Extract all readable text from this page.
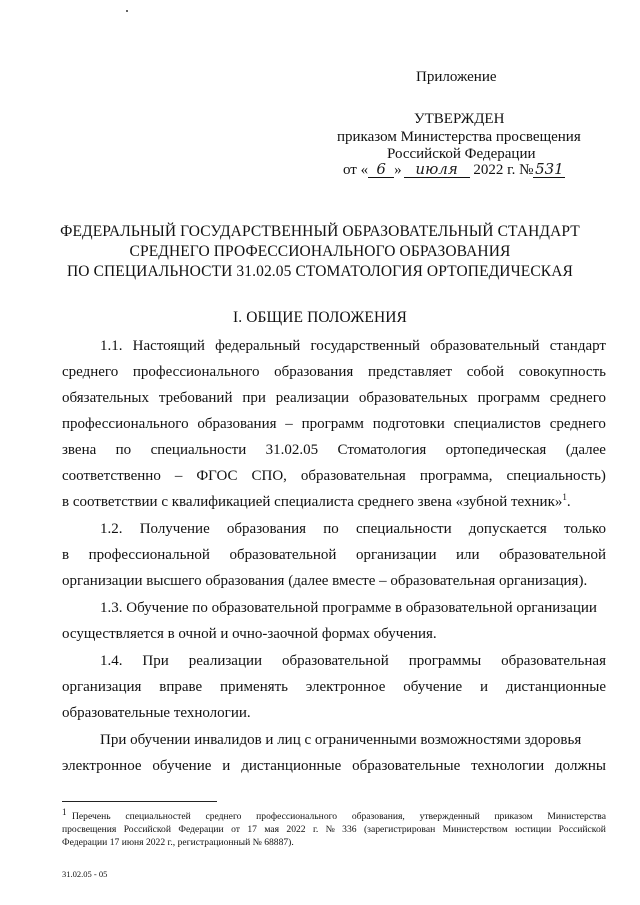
Приложение
УТВЕРЖДЕН
приказом Министерства просвещения
Российской Федерации
от « 6 » июля 2022 г. № 531
ФЕДЕРАЛЬНЫЙ ГОСУДАРСТВЕННЫЙ ОБРАЗОВАТЕЛЬНЫЙ СТАНДАРТ
СРЕДНЕГО ПРОФЕССИОНАЛЬНОГО ОБРАЗОВАНИЯ
ПО СПЕЦИАЛЬНОСТИ 31.02.05 СТОМАТОЛОГИЯ ОРТОПЕДИЧЕСКАЯ
I. ОБЩИЕ ПОЛОЖЕНИЯ
1.1. Настоящий федеральный государственный образовательный стандарт
среднего профессионального образования представляет собой совокупность
обязательных требований при реализации образовательных программ среднего
профессионального образования – программ подготовки специалистов среднего
звена по специальности 31.02.05 Стоматология ортопедическая (далее
соответственно – ФГОС СПО, образовательная программа, специальность)
в соответствии с квалификацией специалиста среднего звена «зубной техник»$^1$.
1.2. Получение образования по специальности допускается только
в профессиональной образовательной организации или образовательной
организации высшего образования (далее вместе – образовательная организация).
1.3. Обучение по образовательной программе в образовательной организации
осуществляется в очной и очно-заочной формах обучения.
1.4. При реализации образовательной программы образовательная
организация вправе применять электронное обучение и дистанционные
образовательные технологии.
При обучении инвалидов и лиц с ограниченными возможностями здоровья
электронное обучение и дистанционные образовательные технологии должны
1 Перечень специальностей среднего профессионального образования, утвержденный приказом Министерства
просвещения Российской Федерации от 17 мая 2022 г. № 336 (зарегистрирован Министерством юстиции Российской
Федерации 17 июня 2022 г., регистрационный № 68887).
31.02.05 - 05
